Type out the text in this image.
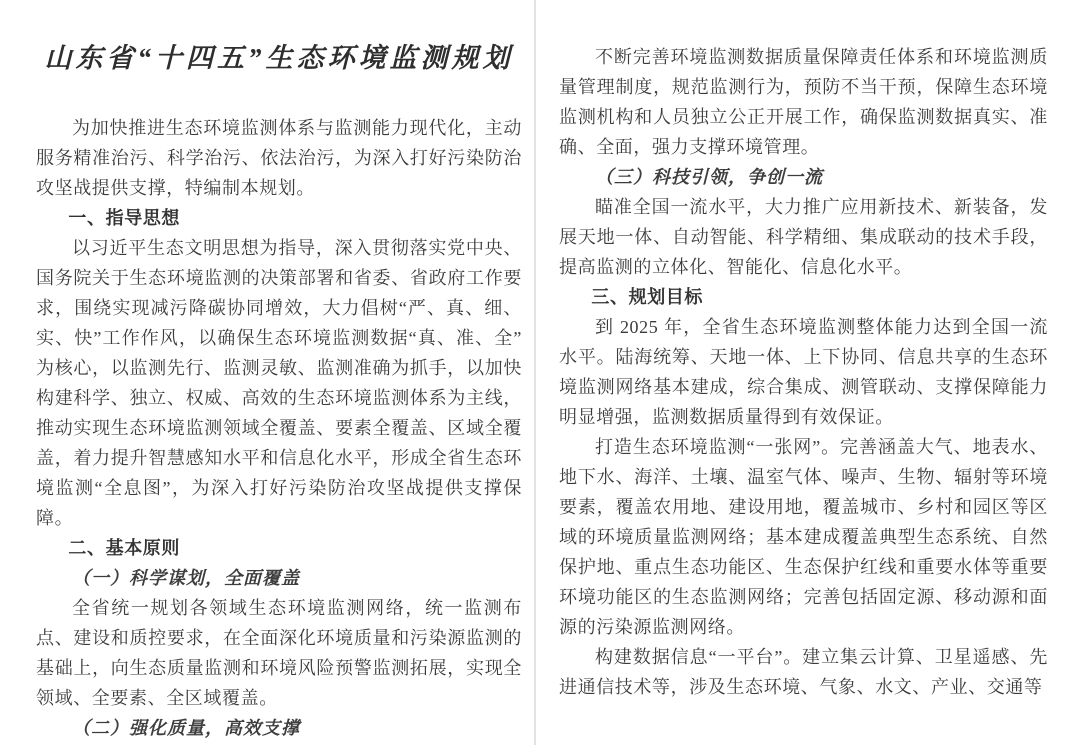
山东省“十四五”生态环境监测规划

为加快推进生态环境监测体系与监测能力现代化，主动服务精准治污、科学治污、依法治污，为深入打好污染防治攻坚战提供支撑，特编制本规划。

一、指导思想

以习近平生态文明思想为指导，深入贯彻落实党中央、国务院关于生态环境监测的决策部署和省委、省政府工作要求，围绕实现减污降碳协同增效，大力倡树“严、真、细、实、快”工作作风，以确保生态环境监测数据“真、准、全”为核心，以监测先行、监测灵敏、监测准确为抓手，以加快构建科学、独立、权威、高效的生态环境监测体系为主线，推动实现生态环境监测领域全覆盖、要素全覆盖、区域全覆盖，着力提升智慧感知水平和信息化水平，形成全省生态环境监测“全息图”，为深入打好污染防治攻坚战提供支撑保障。

二、基本原则
（一）科学谋划，全面覆盖

全省统一规划各领域生态环境监测网络，统一监测布点、建设和质控要求，在全面深化环境质量和污染源监测的基础上，向生态质量监测和环境风险预警监测拓展，实现全领域、全要素、全区域覆盖。

（二）强化质量，高效支撑

不断完善环境监测数据质量保障责任体系和环境监测质量管理制度，规范监测行为，预防不当干预，保障生态环境监测机构和人员独立公正开展工作，确保监测数据真实、准确、全面，强力支撑环境管理。

（三）科技引领，争创一流

瞄准全国一流水平，大力推广应用新技术、新装备，发展天地一体、自动智能、科学精细、集成联动的技术手段，提高监测的立体化、智能化、信息化水平。

三、规划目标

到 2025 年，全省生态环境监测整体能力达到全国一流水平。陆海统筹、天地一体、上下协同、信息共享的生态环境监测网络基本建成，综合集成、测管联动、支撑保障能力明显增强，监测数据质量得到有效保证。

打造生态环境监测“一张网”。完善涵盖大气、地表水、地下水、海洋、土壤、温室气体、噪声、生物、辐射等环境要素，覆盖农用地、建设用地，覆盖城市、乡村和园区等区域的环境质量监测网络；基本建成覆盖典型生态系统、自然保护地、重点生态功能区、生态保护红线和重要水体等重要环境功能区的生态监测网络；完善包括固定源、移动源和面源的污染源监测网络。

构建数据信息“一平台”。建立集云计算、卫星遥感、先进通信技术等，涉及生态环境、气象、水文、产业、交通等
